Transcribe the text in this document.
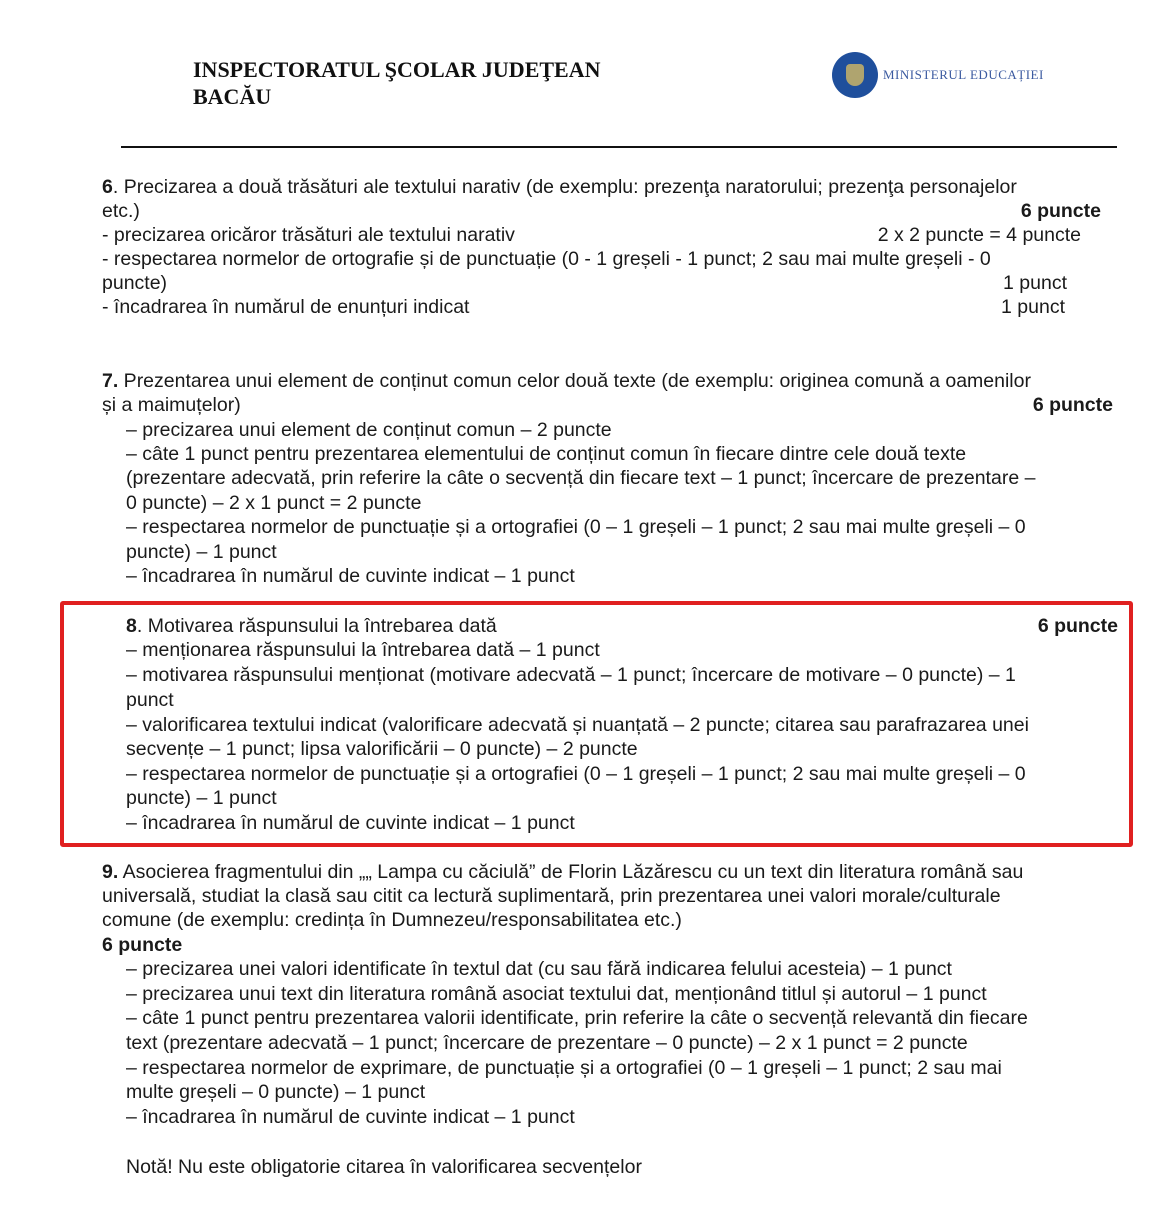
INSPECTORATUL ŞCOLAR JUDEŢEAN
BACĂU
MINISTERUL EDUCAȚIEI
6. Precizarea a două trăsături ale textului narativ (de exemplu: prezenţa naratorului; prezenţa personajelor
etc.)	6 puncte
- precizarea oricăror trăsături ale textului narativ	2 x 2 puncte = 4 puncte
- respectarea normelor de ortografie și de punctuație (0 - 1 greșeli - 1 punct; 2 sau mai multe greșeli - 0
puncte)	1 punct
- încadrarea în numărul de enunțuri indicat	1 punct
7. Prezentarea unui element de conținut comun celor două texte (de exemplu: originea comună a oamenilor
și a maimuțelor)	6 puncte
– precizarea unui element de conținut comun – 2 puncte
– câte 1 punct pentru prezentarea elementului de conținut comun în fiecare dintre cele două texte
(prezentare adecvată, prin referire la câte o secvență din fiecare text – 1 punct; încercare de prezentare –
0 puncte) – 2 x 1 punct = 2 puncte
– respectarea normelor de punctuație și a ortografiei (0 – 1 greșeli – 1 punct; 2 sau mai multe greșeli – 0
puncte) – 1 punct
– încadrarea în numărul de cuvinte indicat – 1 punct
8. Motivarea răspunsului la întrebarea dată	6 puncte
– menționarea răspunsului la întrebarea dată – 1 punct
– motivarea răspunsului menționat (motivare adecvată – 1 punct; încercare de motivare – 0 puncte) – 1
punct
– valorificarea textului indicat (valorificare adecvată și nuanțată – 2 puncte; citarea sau parafrazarea unei
secvențe – 1 punct; lipsa valorificării – 0 puncte) – 2 puncte
– respectarea normelor de punctuație și a ortografiei (0 – 1 greșeli – 1 punct; 2 sau mai multe greșeli – 0
puncte) – 1 punct
– încadrarea în numărul de cuvinte indicat – 1 punct
9. Asocierea fragmentului din „„ Lampa cu căciulă” de Florin Lăzărescu cu un text din literatura română sau
universală, studiat la clasă sau citit ca lectură suplimentară, prin prezentarea unei valori morale/culturale
comune (de exemplu: credința în Dumnezeu/responsabilitatea etc.)
6 puncte
– precizarea unei valori identificate în textul dat (cu sau fără indicarea felului acesteia) – 1 punct
– precizarea unui text din literatura română asociat textului dat, menționând titlul și autorul – 1 punct
– câte 1 punct pentru prezentarea valorii identificate, prin referire la câte o secvență relevantă din fiecare
text (prezentare adecvată – 1 punct; încercare de prezentare – 0 puncte) – 2 x 1 punct = 2 puncte
– respectarea normelor de exprimare, de punctuație și a ortografiei (0 – 1 greșeli – 1 punct; 2 sau mai
multe greșeli – 0 puncte) – 1 punct
– încadrarea în numărul de cuvinte indicat – 1 punct
Notă! Nu este obligatorie citarea în valorificarea secvențelor
